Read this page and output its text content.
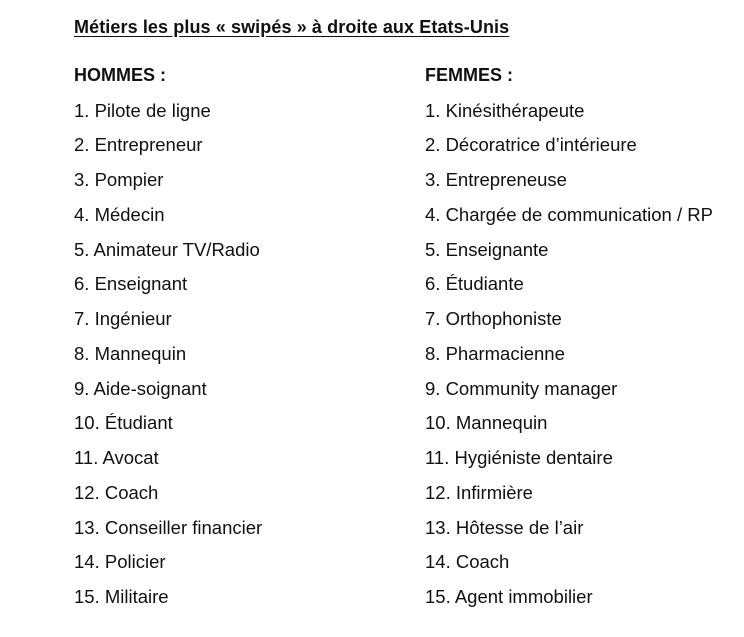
Métiers les plus « swipés » à droite aux Etats-Unis
HOMMES :
1. Pilote de ligne
2. Entrepreneur
3. Pompier
4. Médecin
5. Animateur TV/Radio
6. Enseignant
7. Ingénieur
8. Mannequin
9. Aide-soignant
10. Étudiant
11. Avocat
12. Coach
13. Conseiller financier
14. Policier
15. Militaire
FEMMES :
1. Kinésithérapeute
2. Décoratrice d’intérieure
3. Entrepreneuse
4. Chargée de communication / RP
5. Enseignante
6. Étudiante
7. Orthophoniste
8. Pharmacienne
9. Community manager
10. Mannequin
11. Hygiéniste dentaire
12. Infirmière
13. Hôtesse de l’air
14. Coach
15. Agent immobilier
